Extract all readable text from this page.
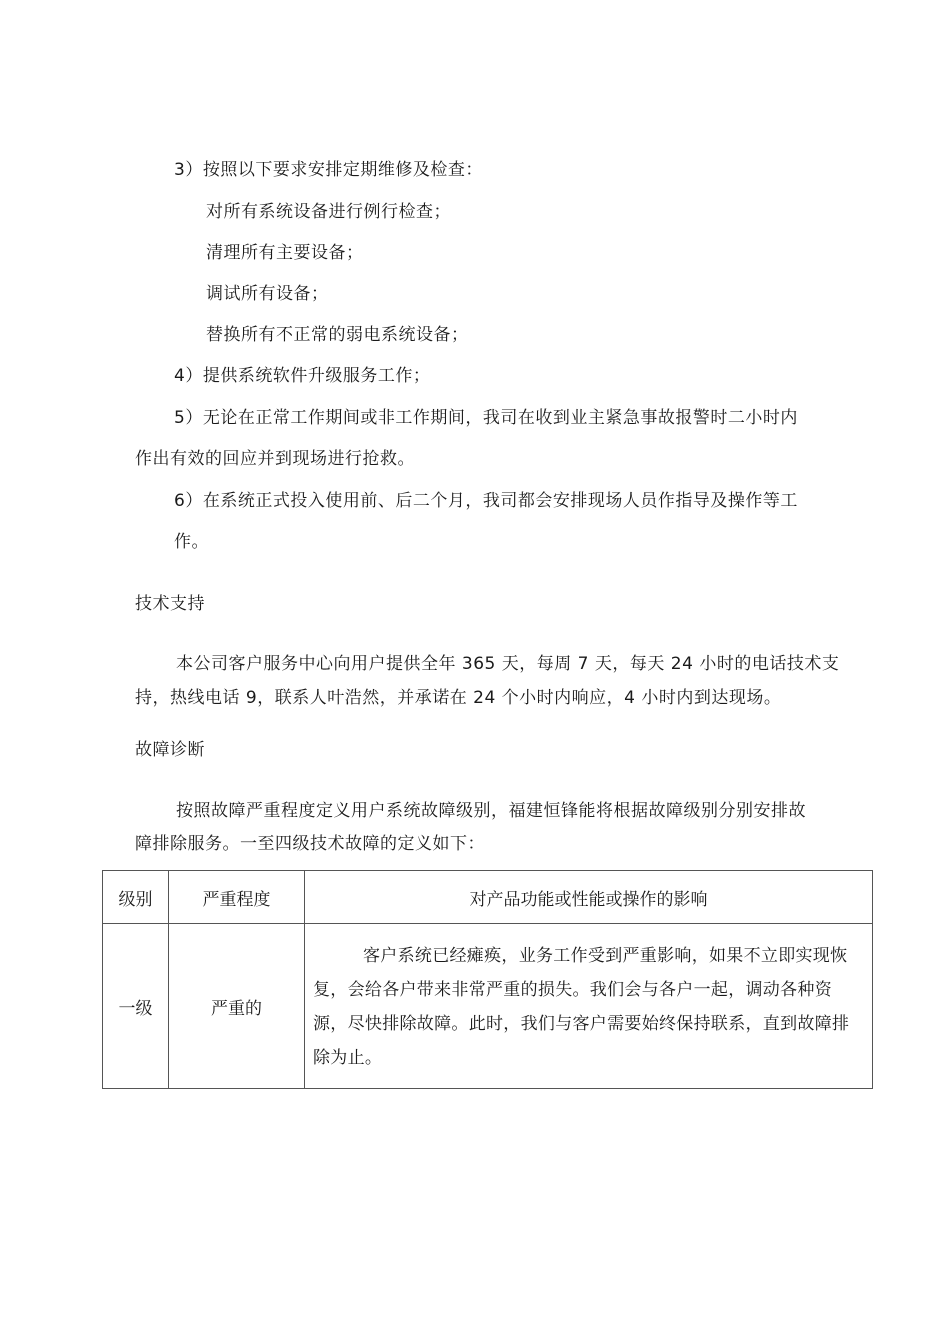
3）按照以下要求安排定期维修及检查：
对所有系统设备进行例行检查；
清理所有主要设备；
调试所有设备；
替换所有不正常的弱电系统设备；
4）提供系统软件升级服务工作；
5）无论在正常工作期间或非工作期间，我司在收到业主紧急事故报警时二小时内
作出有效的回应并到现场进行抢救。
6）在系统正式投入使用前、后二个月，我司都会安排现场人员作指导及操作等工
作。
技术支持
本公司客户服务中心向用户提供全年 365 天，每周 7 天，每天 24 小时的电话技术支
持，热线电话 9，联系人叶浩然，并承诺在 24 个小时内响应，4 小时内到达现场。
故障诊断
按照故障严重程度定义用户系统故障级别，福建恒锋能将根据故障级别分别安排故
障排除服务。一至四级技术故障的定义如下：
级别	严重程度	对产品功能或性能或操作的影响
一级	严重的	客户系统已经瘫痪，业务工作受到严重影响，如果不立即实现恢复，会给各户带来非常严重的损失。我们会与各户一起，调动各种资源，尽快排除故障。此时，我们与客户需要始终保持联系，直到故障排除为止。
